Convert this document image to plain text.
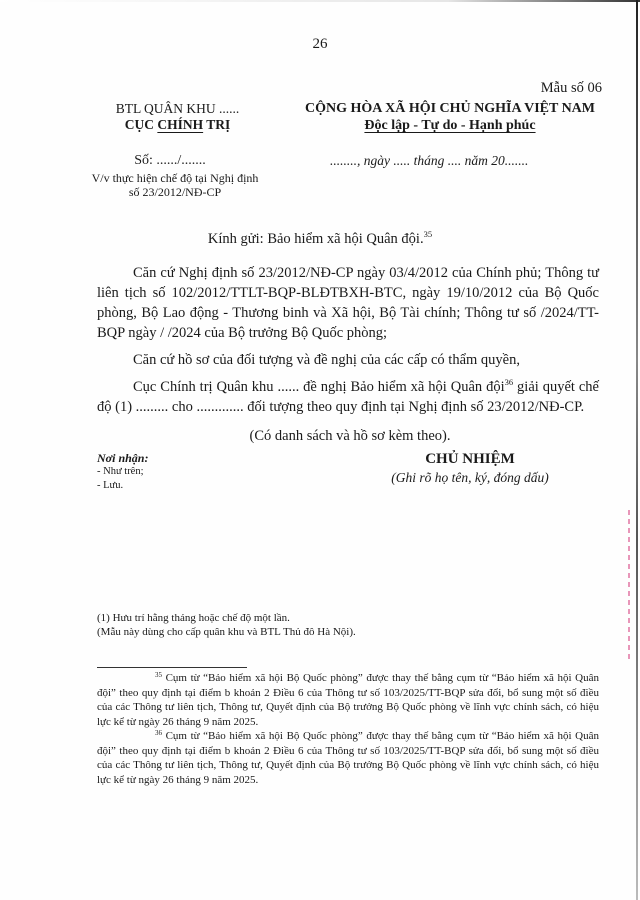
26
Mẫu số 06
BTL QUÂN KHU ......
CỤC CHÍNH TRỊ
CỘNG HÒA XÃ HỘI CHỦ NGHĨA VIỆT NAM
Độc lập - Tự do - Hạnh phúc
Số: ....../.......
V/v thực hiện chế độ tại Nghị định số 23/2012/NĐ-CP
........, ngày ..... tháng .... năm 20.......
Kính gửi: Bảo hiểm xã hội Quân đội.$^{35}$

Căn cứ Nghị định số 23/2012/NĐ-CP ngày 03/4/2012 của Chính phủ; Thông tư liên tịch số 102/2012/TTLT-BQP-BLĐTBXH-BTC, ngày 19/10/2012 của Bộ Quốc phòng, Bộ Lao động - Thương binh và Xã hội, Bộ Tài chính; Thông tư số /2024/TT-BQP ngày / /2024 của Bộ trưởng Bộ Quốc phòng;

Căn cứ hồ sơ của đối tượng và đề nghị của các cấp có thẩm quyền,

Cục Chính trị Quân khu ...... đề nghị Bảo hiểm xã hội Quân đội$^{36}$ giải quyết chế độ (1) ......... cho ............. đối tượng theo quy định tại Nghị định số 23/2012/NĐ-CP.

(Có danh sách và hồ sơ kèm theo).
Nơi nhận:
- Như trên;
- Lưu.
CHỦ NHIỆM
(Ghi rõ họ tên, ký, đóng dấu)
(1) Hưu trí hằng tháng hoặc chế độ một lần.
(Mẫu này dùng cho cấp quân khu và BTL Thủ đô Hà Nội).

$^{35}$ Cụm từ “Bảo hiểm xã hội Bộ Quốc phòng” được thay thế bằng cụm từ “Bảo hiểm xã hội Quân đội” theo quy định tại điểm b khoản 2 Điều 6 của Thông tư số 103/2025/TT-BQP sửa đổi, bổ sung một số điều của các Thông tư liên tịch, Thông tư, Quyết định của Bộ trưởng Bộ Quốc phòng về lĩnh vực chính sách, có hiệu lực kể từ ngày 26 tháng 9 năm 2025.

$^{36}$ Cụm từ “Bảo hiểm xã hội Bộ Quốc phòng” được thay thế bằng cụm từ “Bảo hiểm xã hội Quân đội” theo quy định tại điểm b khoản 2 Điều 6 của Thông tư số 103/2025/TT-BQP sửa đổi, bổ sung một số điều của các Thông tư liên tịch, Thông tư, Quyết định của Bộ trưởng Bộ Quốc phòng về lĩnh vực chính sách, có hiệu lực kể từ ngày 26 tháng 9 năm 2025.
